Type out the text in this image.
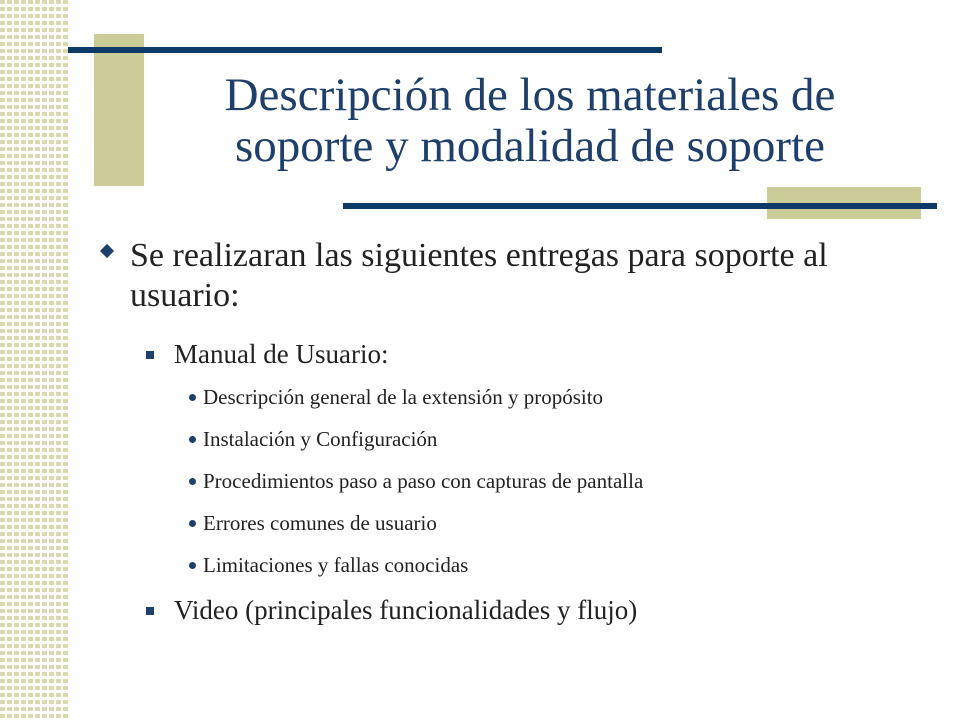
Descripción de los materiales de soporte y modalidad de soporte
Se realizaran las siguientes entregas para soporte al usuario:
Manual de Usuario:
Descripción general de la extensión y propósito
Instalación y Configuración
Procedimientos paso a paso con capturas de pantalla
Errores comunes de usuario
Limitaciones y fallas conocidas
Video (principales funcionalidades y flujo)
